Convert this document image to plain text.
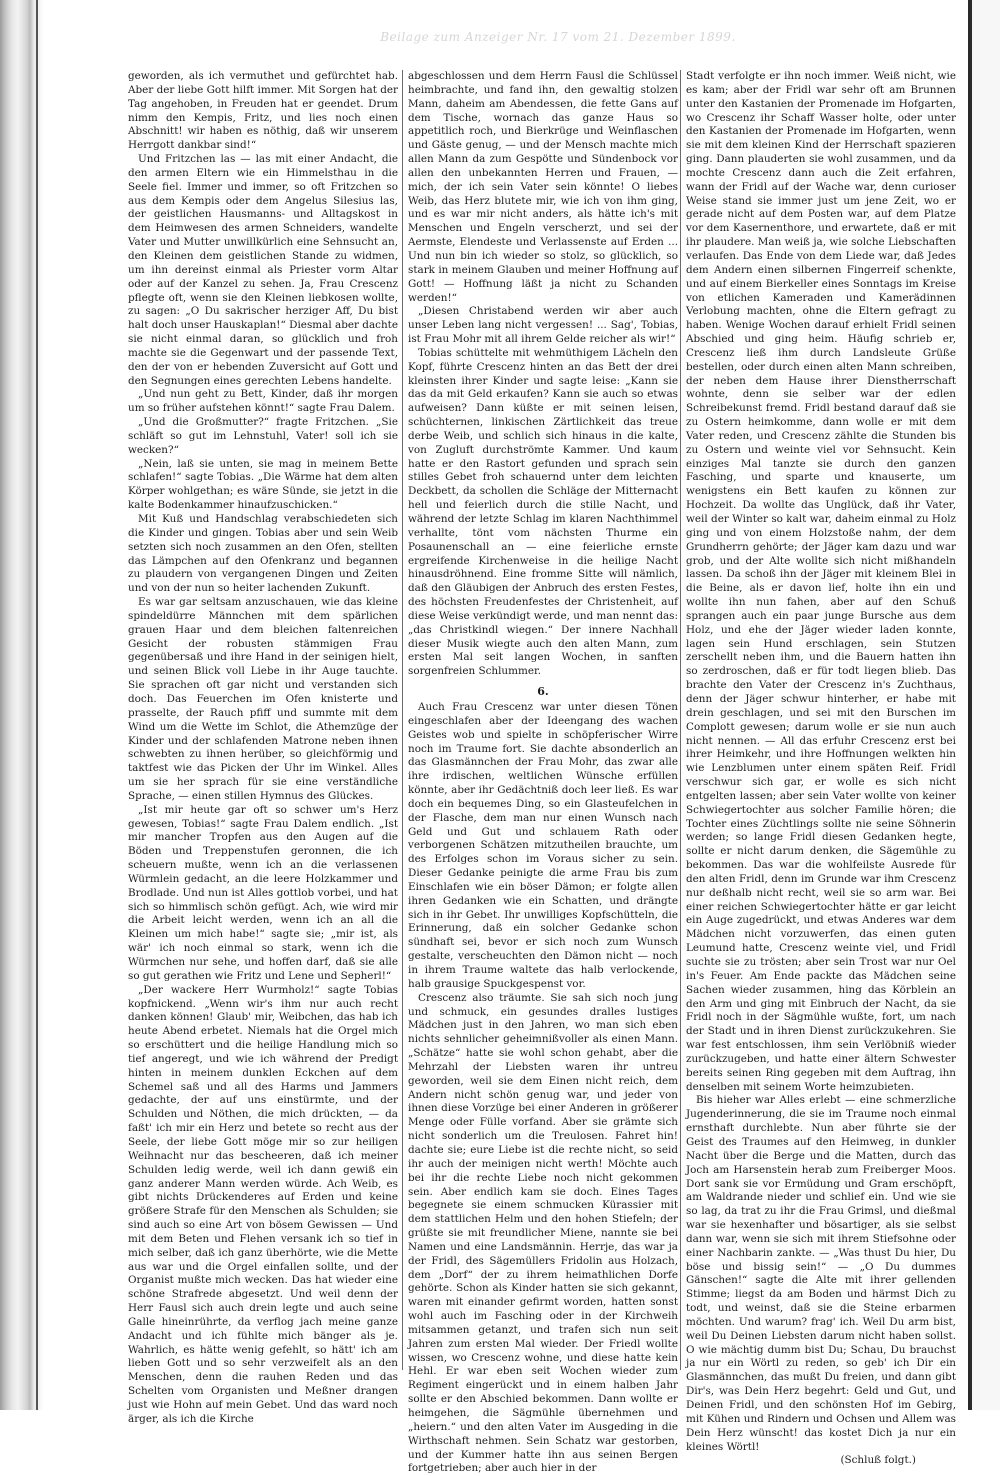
Beilage zum Anzeiger Nr. 17 vom 21. Dezember 1899.

geworden, als ich vermuthet und gefürchtet hab. Aber der liebe Gott hilft immer. Mit Sorgen hat der Tag angehoben, in Freuden hat er geendet. Drum nimm den Kempis, Fritz, und lies noch einen Abschnitt! wir haben es nöthig, daß wir unserem Herrgott dankbar sind!“

Und Fritzchen las — las mit einer Andacht, die den armen Eltern wie ein Himmelsthau in die Seele fiel. Immer und immer, so oft Fritzchen so aus dem Kempis oder dem Angelus Silesius las, der geistlichen Hausmanns- und Alltagskost in dem Heimwesen des armen Schneiders, wandelte Vater und Mutter unwillkürlich eine Sehnsucht an, den Kleinen dem geistlichen Stande zu widmen, um ihn dereinst einmal als Priester vorm Altar oder auf der Kanzel zu sehen. Ja, Frau Crescenz pflegte oft, wenn sie den Kleinen liebkosen wollte, zu sagen: „O Du sakrischer herziger Aff, Du bist halt doch unser Hauskaplan!“ Diesmal aber dachte sie nicht einmal daran, so glücklich und froh machte sie die Gegenwart und der passende Text, den der von er hebenden Zuversicht auf Gott und den Segnungen eines gerechten Lebens handelte.

„Und nun geht zu Bett, Kinder, daß ihr morgen um so früher aufstehen könnt!“ sagte Frau Dalem.

„Und die Großmutter?“ fragte Fritzchen. „Sie schläft so gut im Lehnstuhl, Vater! soll ich sie wecken?“

„Nein, laß sie unten, sie mag in meinem Bette schlafen!“ sagte Tobias. „Die Wärme hat dem alten Körper wohlgethan; es wäre Sünde, sie jetzt in die kalte Bodenkammer hinaufzuschicken.“

Mit Kuß und Handschlag verabschiedeten sich die Kinder und gingen. Tobias aber und sein Weib setzten sich noch zusammen an den Ofen, stellten das Lämpchen auf den Ofenkranz und begannen zu plaudern von vergangenen Dingen und Zeiten und von der nun so heiter lachenden Zukunft.

Es war gar seltsam anzuschauen, wie das kleine spindeldürre Männchen mit dem spärlichen grauen Haar und dem bleichen faltenreichen Gesicht der robusten stämmigen Frau gegenübersaß und ihre Hand in der seinigen hielt, und seinen Blick voll Liebe in ihr Auge tauchte. Sie sprachen oft gar nicht und verstanden sich doch. Das Feuerchen im Ofen knisterte und prasselte, der Rauch pfiff und summte mit dem Wind um die Wette im Schlot, die Athemzüge der Kinder und der schlafenden Matrone neben ihnen schwebten zu ihnen herüber, so gleichförmig und taktfest wie das Picken der Uhr im Winkel. Alles um sie her sprach für sie eine verständliche Sprache, — einen stillen Hymnus des Glückes.

„Ist mir heute gar oft so schwer um's Herz gewesen, Tobias!“ sagte Frau Dalem endlich. „Ist mir mancher Tropfen aus den Augen auf die Böden und Treppenstufen geronnen, die ich scheuern mußte, wenn ich an die verlassenen Würmlein gedacht, an die leere Holzkammer und Brodlade. Und nun ist Alles gottlob vorbei, und hat sich so himmlisch schön gefügt. Ach, wie wird mir die Arbeit leicht werden, wenn ich an all die Kleinen um mich habe!“ sagte sie; „mir ist, als wär' ich noch einmal so stark, wenn ich die Würmchen nur sehe, und hoffen darf, daß sie alle so gut gerathen wie Fritz und Lene und Sepherl!“

„Der wackere Herr Wurmholz!“ sagte Tobias kopfnickend. „Wenn wir's ihm nur auch recht danken können! Glaub' mir, Weibchen, das hab ich heute Abend erbetet. Niemals hat die Orgel mich so erschüttert und die heilige Handlung mich so tief angeregt, und wie ich während der Predigt hinten in meinem dunklen Eckchen auf dem Schemel saß und all des Harms und Jammers gedachte, der auf uns einstürmte, und der Schulden und Nöthen, die mich drückten, — da faßt' ich mir ein Herz und betete so recht aus der Seele, der liebe Gott möge mir so zur heiligen Weihnacht nur das bescheeren, daß ich meiner Schulden ledig werde, weil ich dann gewiß ein ganz anderer Mann werden würde. Ach Weib, es gibt nichts Drückenderes auf Erden und keine größere Strafe für den Menschen als Schulden; sie sind auch so eine Art von bösem Gewissen — Und mit dem Beten und Flehen versank ich so tief in mich selber, daß ich ganz überhörte, wie die Mette aus war und die Orgel einfallen sollte, und der Organist mußte mich wecken. Das hat wieder eine schöne Strafrede abgesetzt. Und weil denn der Herr Fausl sich auch drein legte und auch seine Galle hineinrührte, da verflog jach meine ganze Andacht und ich fühlte mich bänger als je. Wahrlich, es hätte wenig gefehlt, so hätt' ich am lieben Gott und so sehr verzweifelt als an den Menschen, denn die rauhen Reden und das Schelten vom Organisten und Meßner drangen just wie Hohn auf mein Gebet. Und das ward noch ärger, als ich die Kirche

abgeschlossen und dem Herrn Fausl die Schlüssel heimbrachte, und fand ihn, den gewaltig stolzen Mann, daheim am Abendessen, die fette Gans auf dem Tische, wornach das ganze Haus so appetitlich roch, und Bierkrüge und Weinflaschen und Gäste genug, — und der Mensch machte mich allen Mann da zum Gespötte und Sündenbock vor allen den unbekannten Herren und Frauen, — mich, der ich sein Vater sein könnte! O liebes Weib, das Herz blutete mir, wie ich von ihm ging, und es war mir nicht anders, als hätte ich's mit Menschen und Engeln verscherzt, und sei der Aermste, Elendeste und Verlassenste auf Erden ... Und nun bin ich wieder so stolz, so glücklich, so stark in meinem Glauben und meiner Hoffnung auf Gott! — Hoffnung läßt ja nicht zu Schanden werden!“

„Diesen Christabend werden wir aber auch unser Leben lang nicht vergessen! ... Sag', Tobias, ist Frau Mohr mit all ihrem Gelde reicher als wir!“

Tobias schüttelte mit wehmüthigem Lächeln den Kopf, führte Crescenz hinten an das Bett der drei kleinsten ihrer Kinder und sagte leise: „Kann sie das da mit Geld erkaufen? Kann sie auch so etwas aufweisen? Dann küßte er mit seinen leisen, schüchternen, linkischen Zärtlichkeit das treue derbe Weib, und schlich sich hinaus in die kalte, von Zugluft durchströmte Kammer. Und kaum hatte er den Rastort gefunden und sprach sein stilles Gebet froh schauernd unter dem leichten Deckbett, da schollen die Schläge der Mitternacht hell und feierlich durch die stille Nacht, und während der letzte Schlag im klaren Nachthimmel verhallte, tönt vom nächsten Thurme ein Posaunenschall an — eine feierliche ernste ergreifende Kirchenweise in die heilige Nacht hinausdröhnend. Eine fromme Sitte will nämlich, daß den Gläubigen der Anbruch des ersten Festes, des höchsten Freudenfestes der Christenheit, auf diese Weise verkündigt werde, und man nennt das: „das Christkindl wiegen.“ Der innere Nachhall dieser Musik wiegte auch den alten Mann, zum ersten Mal seit langen Wochen, in sanften sorgenfreien Schlummer.

6.

Auch Frau Crescenz war unter diesen Tönen eingeschlafen aber der Ideengang des wachen Geistes wob und spielte in schöpferischer Wirre noch im Traume fort. Sie dachte absonderlich an das Glasmännchen der Frau Mohr, das zwar alle ihre irdischen, weltlichen Wünsche erfüllen könnte, aber ihr Gedächtniß doch leer ließ. Es war doch ein bequemes Ding, so ein Glasteufelchen in der Flasche, dem man nur einen Wunsch nach Geld und Gut und schlauem Rath oder verborgenen Schätzen mitzutheilen brauchte, um des Erfolges schon im Voraus sicher zu sein. Dieser Gedanke peinigte die arme Frau bis zum Einschlafen wie ein böser Dämon; er folgte allen ihren Gedanken wie ein Schatten, und drängte sich in ihr Gebet. Ihr unwilliges Kopfschütteln, die Erinnerung, daß ein solcher Gedanke schon sündhaft sei, bevor er sich noch zum Wunsch gestalte, verscheuchten den Dämon nicht — noch in ihrem Traume waltete das halb verlockende, halb grausige Spuckgespenst vor.

Crescenz also träumte. Sie sah sich noch jung und schmuck, ein gesundes dralles lustiges Mädchen just in den Jahren, wo man sich eben nichts sehnlicher geheimnißvoller als einen Mann. „Schätze“ hatte sie wohl schon gehabt, aber die Mehrzahl der Liebsten waren ihr untreu geworden, weil sie dem Einen nicht reich, dem Andern nicht schön genug war, und jeder von ihnen diese Vorzüge bei einer Anderen in größerer Menge oder Fülle vorfand. Aber sie grämte sich nicht sonderlich um die Treulosen. Fahret hin! dachte sie; eure Liebe ist die rechte nicht, so seid ihr auch der meinigen nicht werth! Möchte auch bei ihr die rechte Liebe noch nicht gekommen sein. Aber endlich kam sie doch. Eines Tages begegnete sie einem schmucken Kürassier mit dem stattlichen Helm und den hohen Stiefeln; der grüßte sie mit freundlicher Miene, nannte sie bei Namen und eine Landsmännin. Herrje, das war ja der Fridl, des Sägemüllers Fridolin aus Holzach, dem „Dorf“ der zu ihrem heimathlichen Dorfe gehörte. Schon als Kinder hatten sie sich gekannt, waren mit einander gefirmt worden, hatten sonst wohl auch im Fasching oder in der Kirchweih mitsammen getanzt, und trafen sich nun seit Jahren zum ersten Mal wieder. Der Friedl wollte wissen, wo Crescenz wohne, und diese hatte kein Hehl. Er war eben seit Wochen wieder zum Regiment eingerückt und in einem halben Jahr sollte er den Abschied bekommen. Dann wollte er heimgehen, die Sägmühle übernehmen und „heiern.“ und den alten Vater im Ausgeding in die Wirthschaft nehmen. Sein Schatz war gestorben, und der Kummer hatte ihn aus seinen Bergen fortgetrieben; aber auch hier in der

Stadt verfolgte er ihn noch immer. Weiß nicht, wie es kam; aber der Fridl war sehr oft am Brunnen unter den Kastanien der Promenade im Hofgarten, wo Crescenz ihr Schaff Wasser holte, oder unter den Kastanien der Promenade im Hofgarten, wenn sie mit dem kleinen Kind der Herrschaft spazieren ging. Dann plauderten sie wohl zusammen, und da mochte Crescenz dann auch die Zeit erfahren, wann der Fridl auf der Wache war, denn curioser Weise stand sie immer just um jene Zeit, wo er gerade nicht auf dem Posten war, auf dem Platze vor dem Kasernenthore, und erwartete, daß er mit ihr plaudere. Man weiß ja, wie solche Liebschaften verlaufen. Das Ende von dem Liede war, daß Jedes dem Andern einen silbernen Fingerreif schenkte, und auf einem Bierkeller eines Sonntags im Kreise von etlichen Kameraden und Kamerädinnen Verlobung machten, ohne die Eltern gefragt zu haben. Wenige Wochen darauf erhielt Fridl seinen Abschied und ging heim. Häufig schrieb er, Crescenz ließ ihm durch Landsleute Grüße bestellen, oder durch einen alten Mann schreiben, der neben dem Hause ihrer Dienstherrschaft wohnte, denn sie selber war der edlen Schreibekunst fremd. Fridl bestand darauf daß sie zu Ostern heimkomme, dann wolle er mit dem Vater reden, und Crescenz zählte die Stunden bis zu Ostern und weinte viel vor Sehnsucht. Kein einziges Mal tanzte sie durch den ganzen Fasching, und sparte und knauserte, um wenigstens ein Bett kaufen zu können zur Hochzeit. Da wollte das Unglück, daß ihr Vater, weil der Winter so kalt war, daheim einmal zu Holz ging und von einem Holzstoße nahm, der dem Grundherrn gehörte; der Jäger kam dazu und war grob, und der Alte wollte sich nicht mißhandeln lassen. Da schoß ihn der Jäger mit kleinem Blei in die Beine, als er davon lief, holte ihn ein und wollte ihn nun fahen, aber auf den Schuß sprangen auch ein paar junge Bursche aus dem Holz, und ehe der Jäger wieder laden konnte, lagen sein Hund erschlagen, sein Stutzen zerschellt neben ihm, und die Bauern hatten ihn so zerdroschen, daß er für todt liegen blieb. Das brachte den Vater der Crescenz in's Zuchthaus, denn der Jäger schwur hinterher, er habe mit drein geschlagen, und sei mit den Burschen im Complott gewesen; darum wolle er sie nun auch nicht nennen. — All das erfuhr Crescenz erst bei ihrer Heimkehr, und ihre Hoffnungen welkten hin wie Lenzblumen unter einem späten Reif. Fridl verschwur sich gar, er wolle es sich nicht entgelten lassen; aber sein Vater wollte von keiner Schwiegertochter aus solcher Familie hören; die Tochter eines Züchtlings sollte nie seine Söhnerin werden; so lange Fridl diesen Gedanken hegte, sollte er nicht darum denken, die Sägemühle zu bekommen. Das war die wohlfeilste Ausrede für den alten Fridl, denn im Grunde war ihm Crescenz nur deßhalb nicht recht, weil sie so arm war. Bei einer reichen Schwiegertochter hätte er gar leicht ein Auge zugedrückt, und etwas Anderes war dem Mädchen nicht vorzuwerfen, das einen guten Leumund hatte, Crescenz weinte viel, und Fridl suchte sie zu trösten; aber sein Trost war nur Oel in's Feuer. Am Ende packte das Mädchen seine Sachen wieder zusammen, hing das Körblein an den Arm und ging mit Einbruch der Nacht, da sie Fridl noch in der Sägmühle wußte, fort, um nach der Stadt und in ihren Dienst zurückzukehren. Sie war fest entschlossen, ihm sein Verlöbniß wieder zurückzugeben, und hatte einer ältern Schwester bereits seinen Ring gegeben mit dem Auftrag, ihn denselben mit seinem Worte heimzubieten.

Bis hieher war Alles erlebt — eine schmerzliche Jugenderinnerung, die sie im Traume noch einmal ernsthaft durchlebte. Nun aber führte sie der Geist des Traumes auf den Heimweg, in dunkler Nacht über die Berge und die Matten, durch das Joch am Harsenstein herab zum Freiberger Moos. Dort sank sie vor Ermüdung und Gram erschöpft, am Waldrande nieder und schlief ein. Und wie sie so lag, da trat zu ihr die Frau Grimsl, und dießmal war sie hexenhafter und bösartiger, als sie selbst dann war, wenn sie sich mit ihrem Stiefsohne oder einer Nachbarin zankte. — „Was thust Du hier, Du böse und bissig sein!“ — „O Du dummes Gänschen!“ sagte die Alte mit ihrer gellenden Stimme; liegst da am Boden und härmst Dich zu todt, und weinst, daß sie die Steine erbarmen möchten. Und warum? frag' ich. Weil Du arm bist, weil Du Deinen Liebsten darum nicht haben sollst. O wie mächtig dumm bist Du; Schau, Du brauchst ja nur ein Wörtl zu reden, so geb' ich Dir ein Glasmännchen, das mußt Du freien, und dann gibt Dir's, was Dein Herz begehrt: Geld und Gut, und Deinen Fridl, und den schönsten Hof im Gebirg, mit Kühen und Rindern und Ochsen und Allem was Dein Herz wünscht! das kostet Dich ja nur ein kleines Wörtl!

(Schluß folgt.)
